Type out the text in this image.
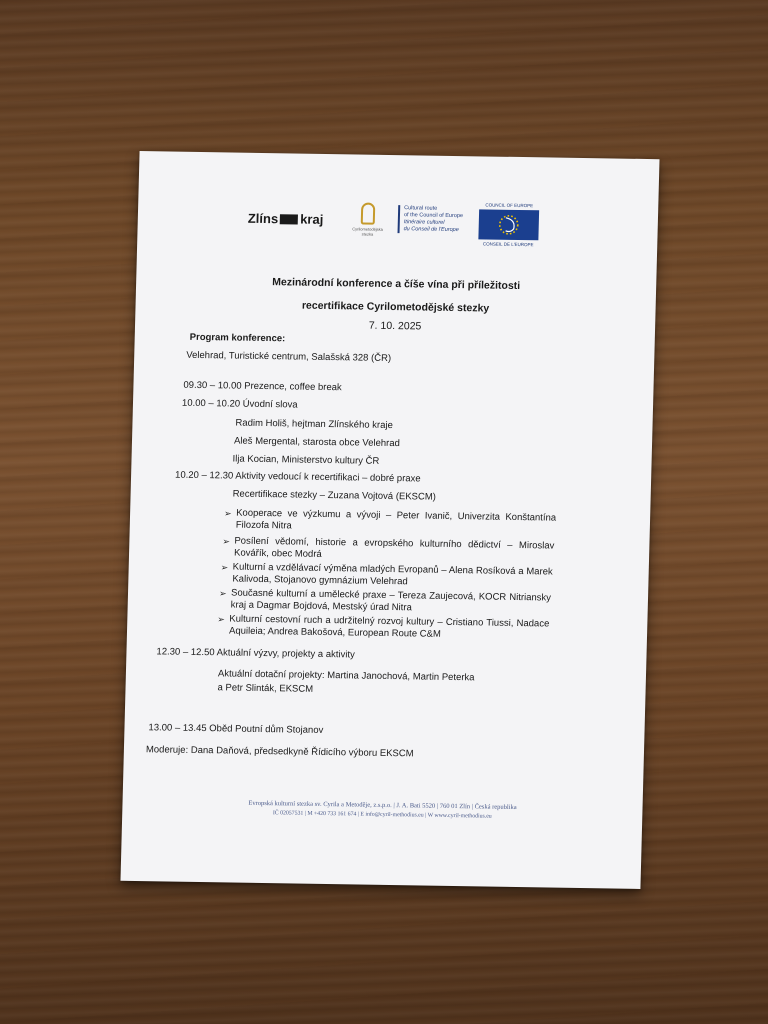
Zlíns kraj
Cyrilometodějská stezka
Cultural route
of the Council of Europe
Itinéraire culturel
du Conseil de l'Europe
COUNCIL OF EUROPE
CONSEIL DE L'EUROPE
Mezinárodní konference a číše vína při příležitosti
recertifikace Cyrilometodějské stezky
7. 10. 2025
Program konference:
Velehrad, Turistické centrum, Salašská 328 (ČR)
09.30 – 10.00 Prezence, coffee break
10.00 – 10.20 Úvodní slova
Radim Holiš, hejtman Zlínského kraje
Aleš Mergental, starosta obce Velehrad
Ilja Kocian, Ministerstvo kultury ČR
10.20 – 12.30 Aktivity vedoucí k recertifikaci – dobré praxe
Recertifikace stezky – Zuzana Vojtová (EKSCM)
➢ Kooperace ve výzkumu a vývoji – Peter Ivanič, Univerzita Konštantína Filozofa Nitra
➢ Posílení vědomí, historie a evropského kulturního dědictví – Miroslav Kovářík, obec Modrá
➢ Kulturní a vzdělávací výměna mladých Evropanů – Alena Rosíková a Marek Kalivoda, Stojanovo gymnázium Velehrad
➢ Současné kulturní a umělecké praxe – Tereza Zaujecová, KOCR Nitriansky kraj a Dagmar Bojdová, Mestský úrad Nitra
➢ Kulturní cestovní ruch a udržitelný rozvoj kultury – Cristiano Tiussi, Nadace Aquileia; Andrea Bakošová, European Route C&M
12.30 – 12.50 Aktuální výzvy, projekty a aktivity
Aktuální dotační projekty: Martina Janochová, Martin Peterka
a Petr Slinták, EKSCM
13.00 – 13.45 Oběd Poutní dům Stojanov
Moderuje: Dana Daňová, předsedkyně Řídicího výboru EKSCM
Evropská kulturní stezka sv. Cyrila a Metoděje, z.s.p.o. | J. A. Bati 5520 | 760 01 Zlín | Česká republika
IČ 02057531 | M +420 733 161 674 | E info@cyril-methodius.eu | W www.cyril-methodius.eu
